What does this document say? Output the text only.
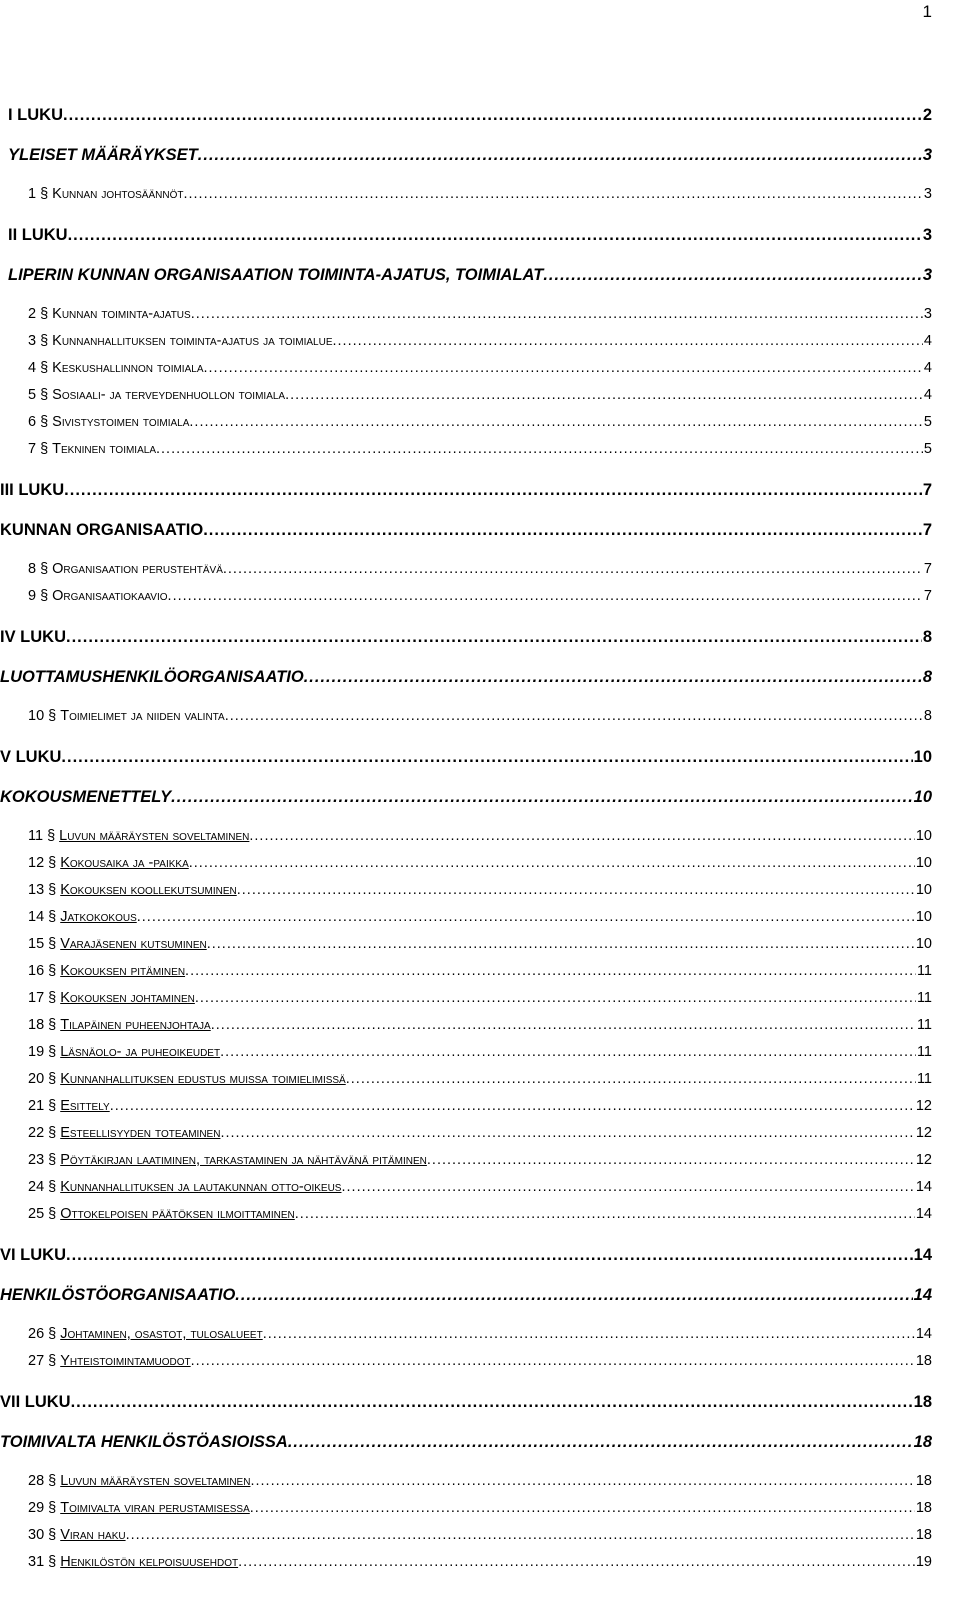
1
I LUKU .....	2
YLEISET MÄÄRÄYKSET .....	3
1 § Kunnan johtosäännöt .....	3
II LUKU .....	3
LIPERIN KUNNAN ORGANISAATION TOIMINTA-AJATUS, TOIMIALAT .....	3
2 § Kunnan toiminta-ajatus .....	3
3 § Kunnanhallituksen toiminta-ajatus ja toimialue .....	4
4 § Keskushallinnon toimiala .....	4
5 § Sosiaali- ja terveydenhuollon toimiala .....	4
6 § Sivistystoimen toimiala .....	5
7 § Tekninen toimiala .....	5
III LUKU .....	7
KUNNAN ORGANISAATIO .....	7
8 § Organisaation perustehtävä .....	7
9 § Organisaatiokaavio .....	7
IV LUKU .....	8
LUOTTAMUSHENKILÖORGANISAATIO .....	8
10 § Toimielimet ja niiden valinta .....	8
V LUKU .....	10
KOKOUSMENETTELY .....	10
11 § Luvun määräysten soveltaminen .....	10
12 § Kokousaika ja -paikka .....	10
13 § Kokouksen koollekutsuminen .....	10
14 § Jatkokokous .....	10
15 § Varajäsenen kutsuminen .....	10
16 § Kokouksen pitäminen .....	11
17 § Kokouksen johtaminen .....	11
18 § Tilapäinen puheenjohtaja .....	11
19 § Läsnäolo- ja puheoikeudet .....	11
20 § Kunnanhallituksen edustus muissa toimielimissä .....	11
21 § Esittely .....	12
22 § Esteellisyyden toteaminen .....	12
23 § Pöytäkirjan laatiminen, tarkastaminen ja nähtävänä pitäminen .....	12
24 § Kunnanhallituksen ja lautakunnan otto-oikeus .....	14
25 § Ottokelpoisen päätöksen ilmoittaminen .....	14
VI LUKU .....	14
HENKILÖSTÖORGANISAATIO .....	14
26 § Johtaminen, osastot, tulosalueet .....	14
27 § Yhteistoimintamuodot .....	18
VII LUKU .....	18
TOIMIVALTA HENKILÖSTÖASIOISSA .....	18
28 § Luvun määräysten soveltaminen .....	18
29 § Toimivalta viran perustamisessa .....	18
30 § Viran haku .....	18
31 § Henkilöstön kelpoisuusehdot .....	19
